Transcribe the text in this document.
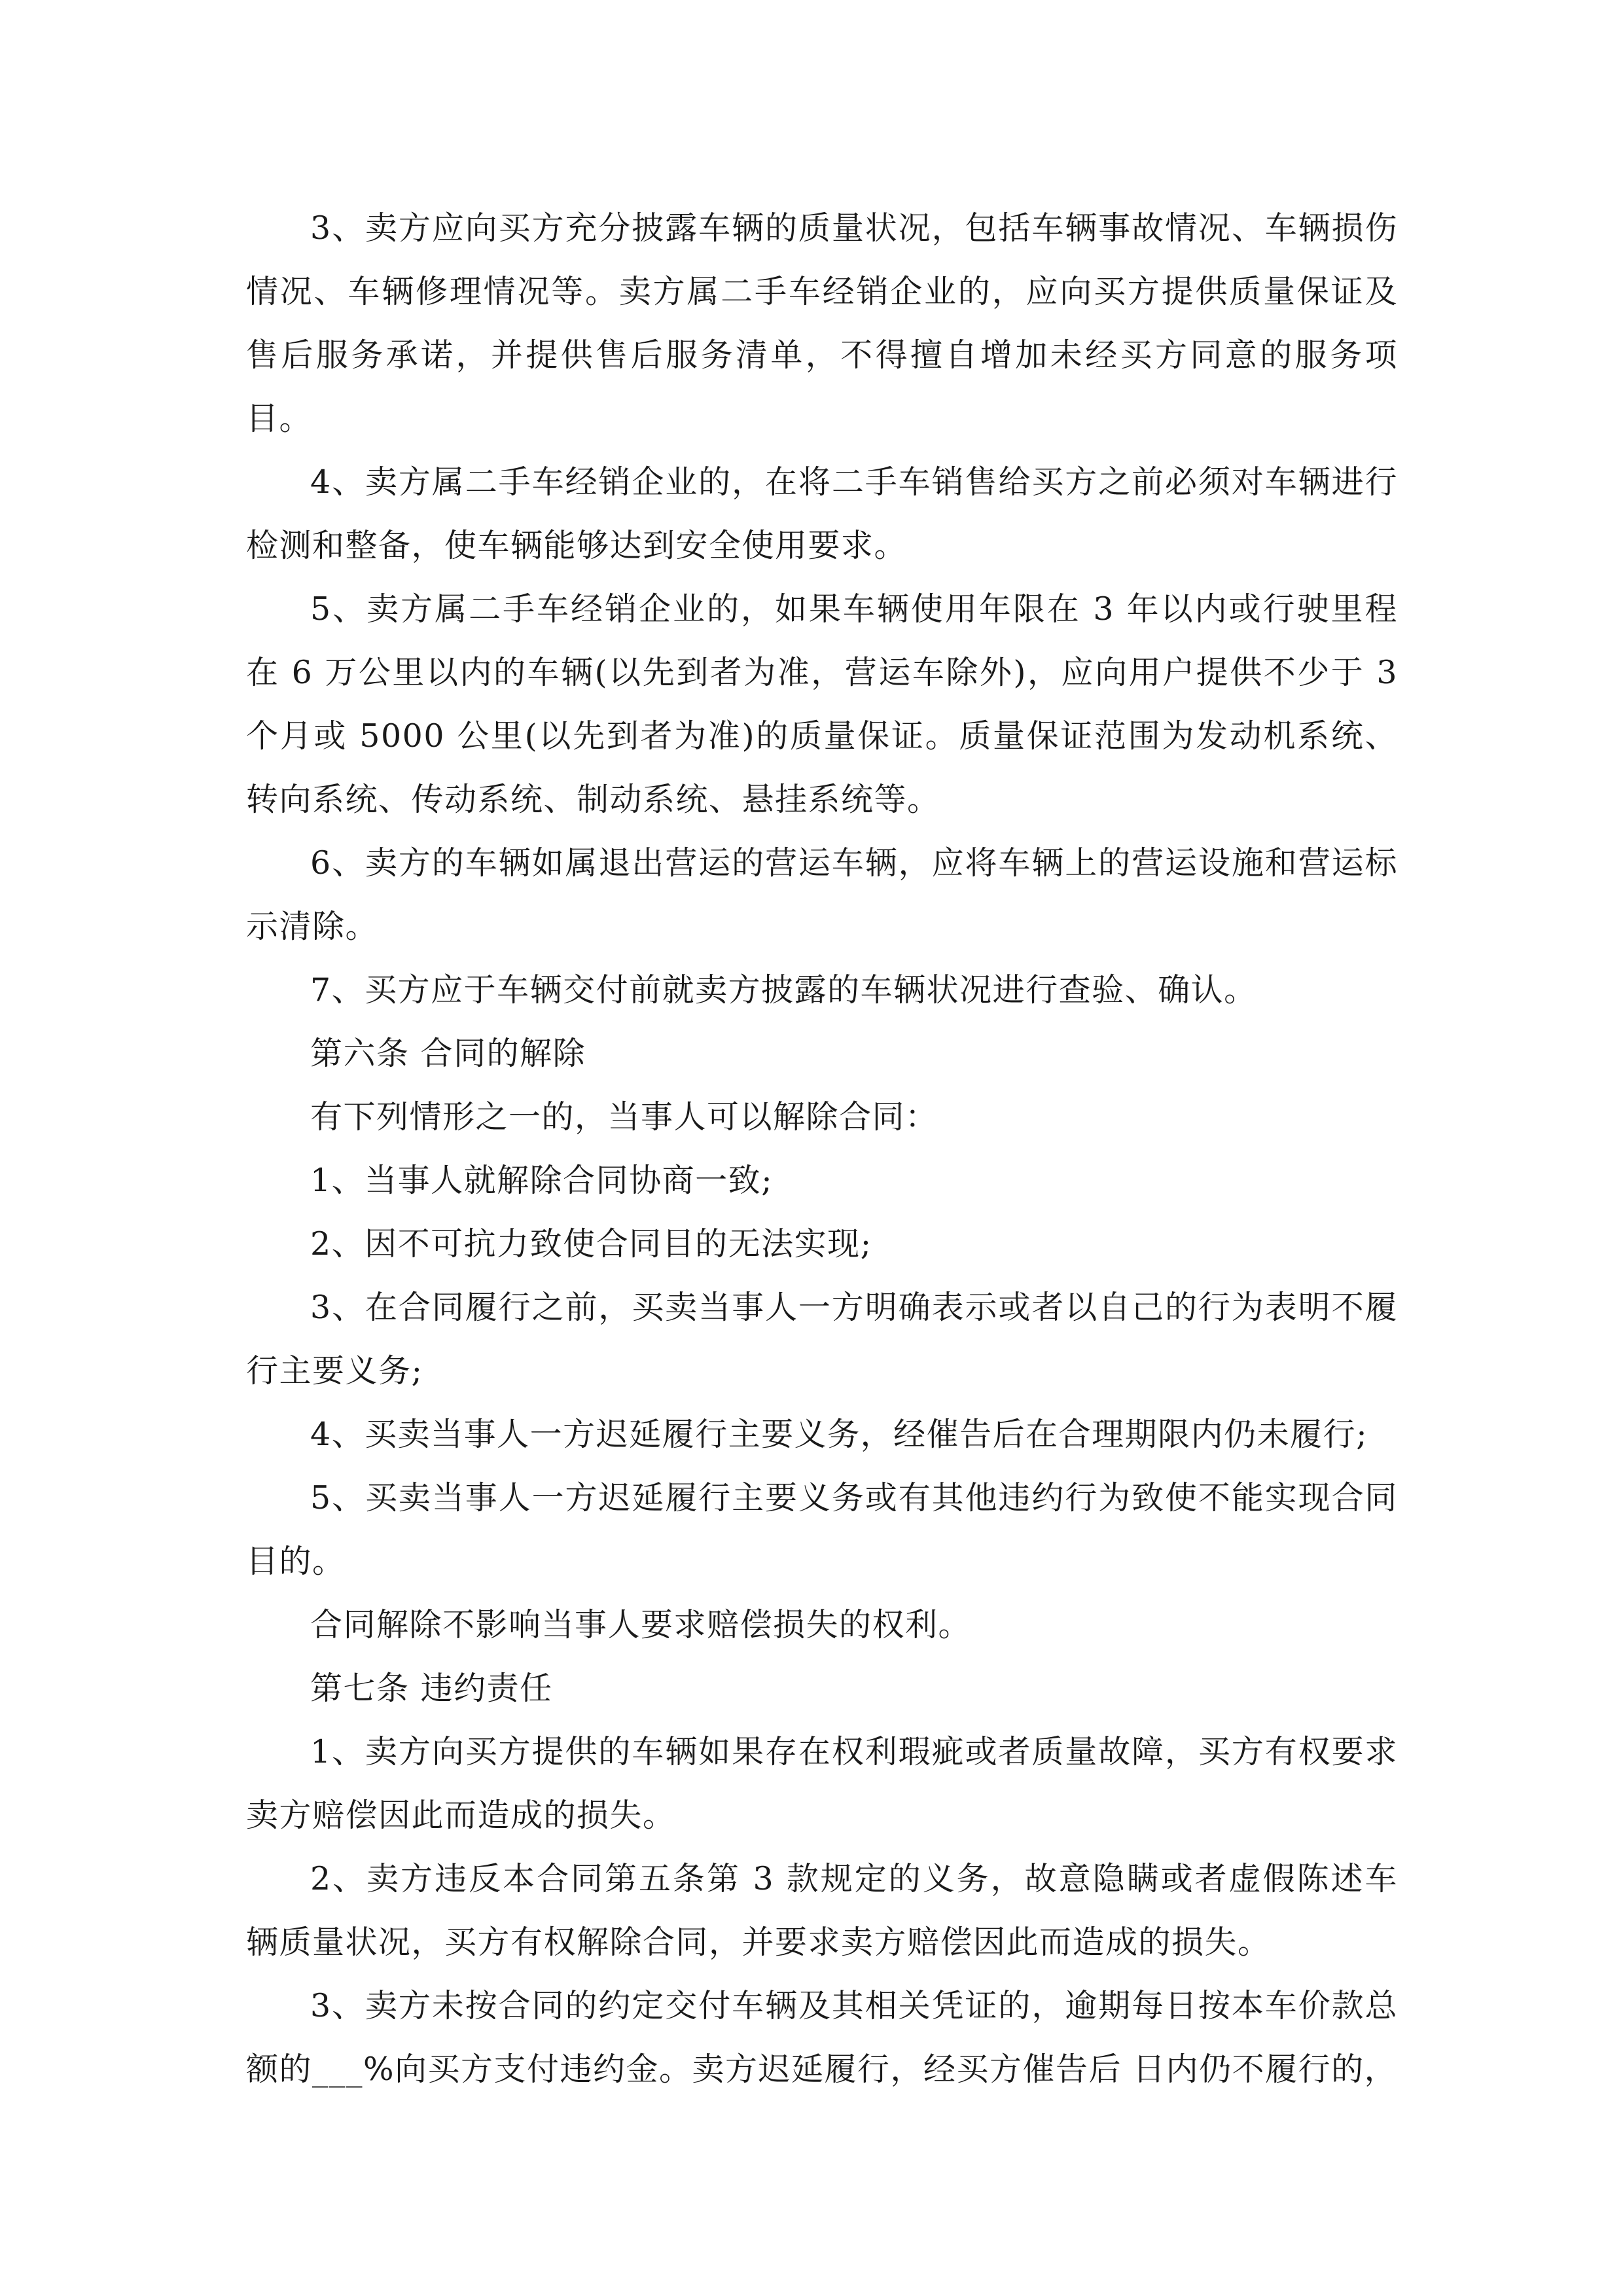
3、卖方应向买方充分披露车辆的质量状况，包括车辆事故情况、车辆损伤情况、车辆修理情况等。卖方属二手车经销企业的，应向买方提供质量保证及售后服务承诺，并提供售后服务清单，不得擅自增加未经买方同意的服务项目。

4、卖方属二手车经销企业的，在将二手车销售给买方之前必须对车辆进行检测和整备，使车辆能够达到安全使用要求。

5、卖方属二手车经销企业的，如果车辆使用年限在 3 年以内或行驶里程在 6 万公里以内的车辆(以先到者为准，营运车除外)，应向用户提供不少于 3 个月或 5000 公里(以先到者为准)的质量保证。质量保证范围为发动机系统、转向系统、传动系统、制动系统、悬挂系统等。

6、卖方的车辆如属退出营运的营运车辆，应将车辆上的营运设施和营运标示清除。

7、买方应于车辆交付前就卖方披露的车辆状况进行查验、确认。

第六条 合同的解除

有下列情形之一的，当事人可以解除合同：

1、当事人就解除合同协商一致;

2、因不可抗力致使合同目的无法实现;

3、在合同履行之前，买卖当事人一方明确表示或者以自己的行为表明不履行主要义务;

4、买卖当事人一方迟延履行主要义务，经催告后在合理期限内仍未履行;

5、买卖当事人一方迟延履行主要义务或有其他违约行为致使不能实现合同目的。

合同解除不影响当事人要求赔偿损失的权利。

第七条 违约责任

1、卖方向买方提供的车辆如果存在权利瑕疵或者质量故障，买方有权要求卖方赔偿因此而造成的损失。

2、卖方违反本合同第五条第 3 款规定的义务，故意隐瞒或者虚假陈述车辆质量状况，买方有权解除合同，并要求卖方赔偿因此而造成的损失。

3、卖方未按合同的约定交付车辆及其相关凭证的，逾期每日按本车价款总额的___%向买方支付违约金。卖方迟延履行，经买方催告后 日内仍不履行的，
